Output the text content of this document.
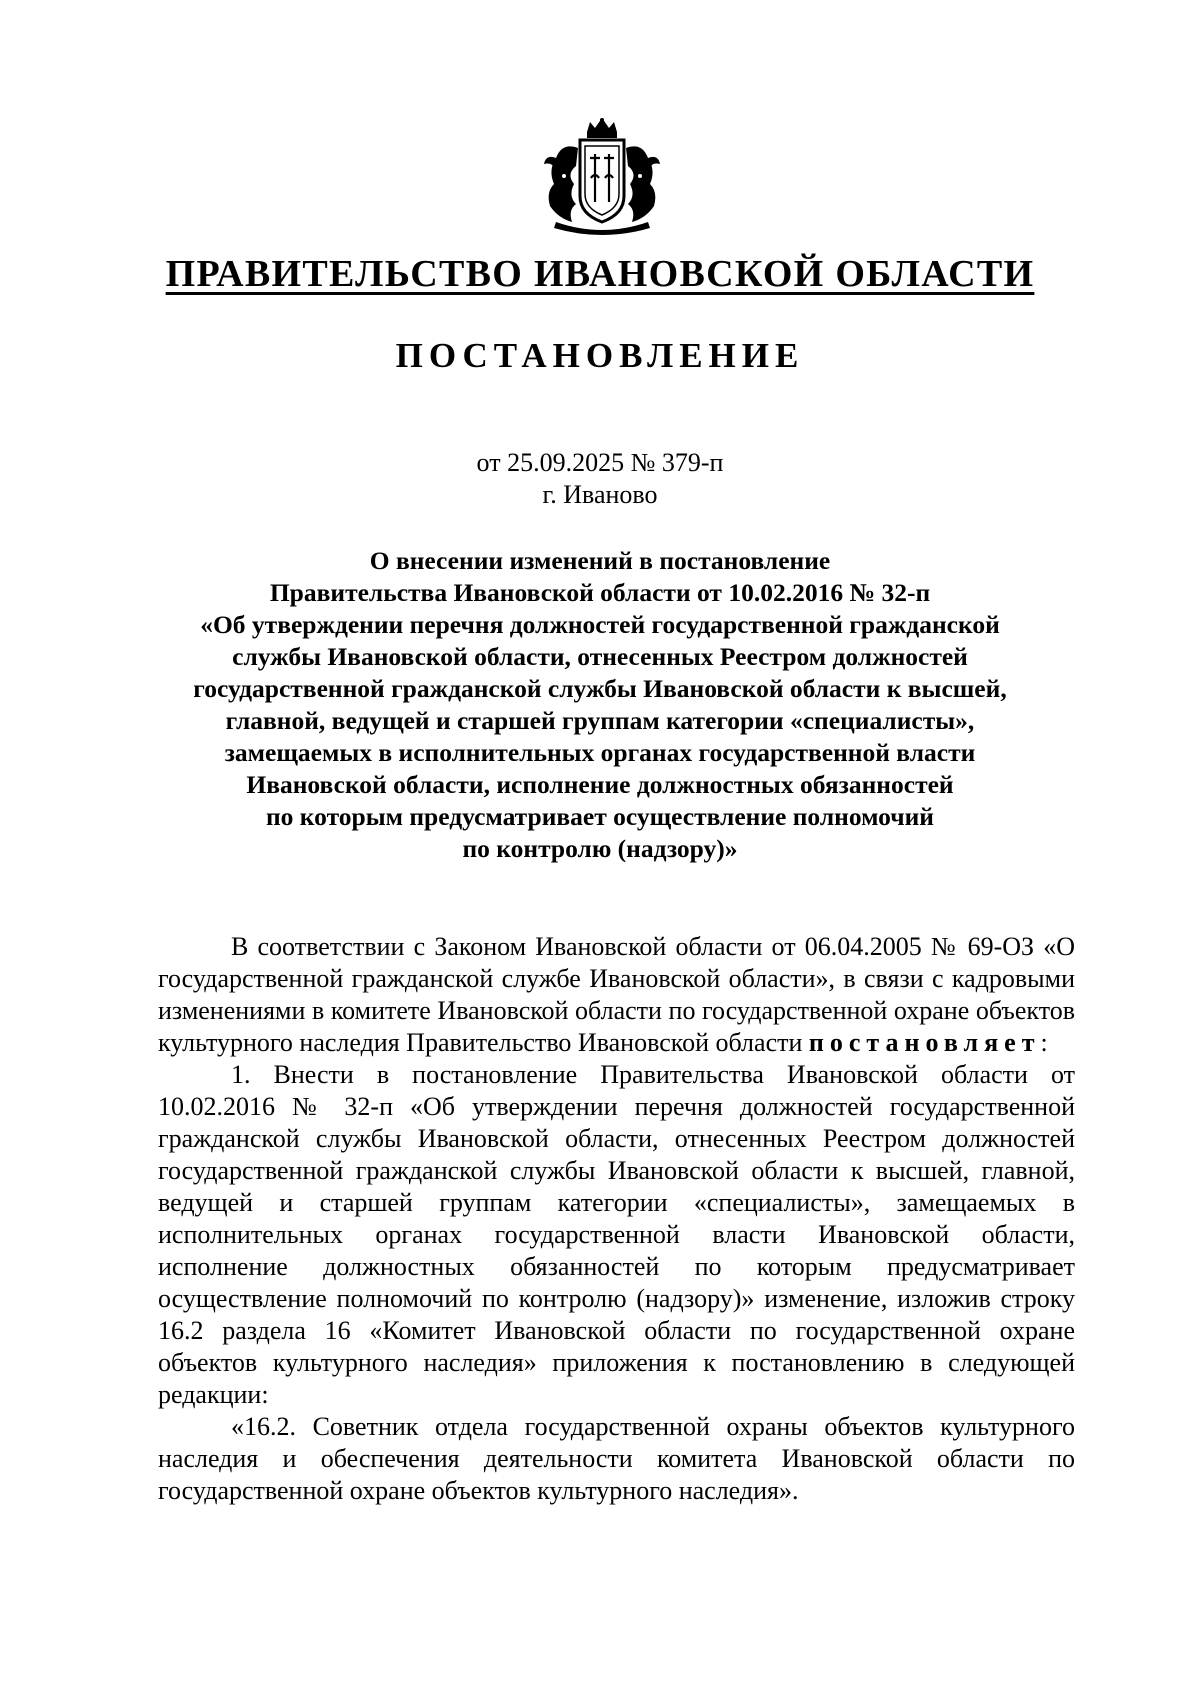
ПРАВИТЕЛЬСТВО ИВАНОВСКОЙ ОБЛАСТИ
ПОСТАНОВЛЕНИЕ
от 25.09.2025 № 379-п
г. Иваново
О внесении изменений в постановление
Правительства Ивановской области от 10.02.2016 № 32-п
«Об утверждении перечня должностей государственной гражданской
службы Ивановской области, отнесенных Реестром должностей
государственной гражданской службы Ивановской области к высшей,
главной, ведущей и старшей группам категории «специалисты»,
замещаемых в исполнительных органах государственной власти
Ивановской области, исполнение должностных обязанностей
по которым предусматривает осуществление полномочий
по контролю (надзору)»

В соответствии с Законом Ивановской области от 06.04.2005 № 69-ОЗ «О государственной гражданской службе Ивановской области», в связи с кадровыми изменениями в комитете Ивановской области по государственной охране объектов культурного наследия Правительство Ивановской области постановляет:

1. Внести в постановление Правительства Ивановской области от 10.02.2016 № 32-п «Об утверждении перечня должностей государственной гражданской службы Ивановской области, отнесенных Реестром должностей государственной гражданской службы Ивановской области к высшей, главной, ведущей и старшей группам категории «специалисты», замещаемых в исполнительных органах государственной власти Ивановской области, исполнение должностных обязанностей по которым предусматривает осуществление полномочий по контролю (надзору)» изменение, изложив строку 16.2 раздела 16 «Комитет Ивановской области по государственной охране объектов культурного наследия» приложения к постановлению в следующей редакции:

«16.2. Советник отдела государственной охраны объектов культурного наследия и обеспечения деятельности комитета Ивановской области по государственной охране объектов культурного наследия».
